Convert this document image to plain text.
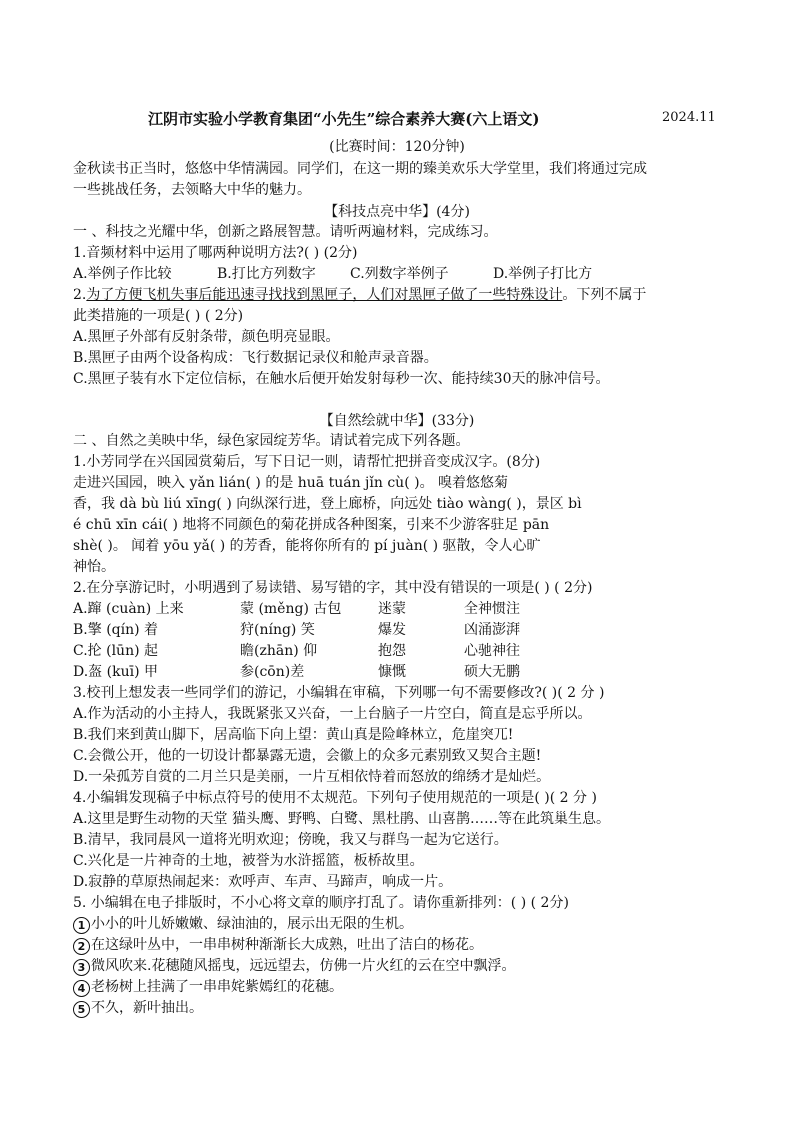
江阴市实验小学教育集团“小先生”综合素养大赛(六上语文)	2024.11
(比赛时间：120分钟)
金秋读书正当时，悠悠中华情满园。同学们，在这一期的臻美欢乐大学堂里，我们将通过完成
一些挑战任务，去领略大中华的魅力。
【科技点亮中华】(4分)
一 、科技之光耀中华，创新之路展智慧。请听两遍材料，完成练习。
1.音频材料中运用了哪两种说明方法?( ) (2分)
A.举例子作比较	B.打比方列数字 C.列数字举例子	D.举例子打比方
2.为了方便飞机失事后能迅速寻找找到黑匣子，人们对黑匣子做了一些特殊设计。下列不属于
此类措施的一项是( ) ( 2分)
A.黑匣子外部有反射条带，颜色明亮显眼。
B.黑匣子由两个设备构成：飞行数据记录仪和舱声录音器。
C.黑匣子装有水下定位信标，在触水后便开始发射每秒一次、能持续30天的脉冲信号。
【自然绘就中华】(33分)
二 、自然之美映中华，绿色家园绽芳华。请试着完成下列各题。
1.小芳同学在兴国园赏菊后，写下日记一则，请帮忙把拼音变成汉字。(8分)
走进兴国园，映入 yǎn lián( ) 的是 huā tuán jǐn cù( )。 嗅着悠悠菊
香，我 dà bù liú xīng( ) 向纵深行进，登上廊桥，向远处 tiào wàng( )，景区 bì
é chū xīn cái( ) 地将不同颜色的菊花拼成各种图案，引来不少游客驻足 pān
shè( )。 闻着 yōu yǎ( ) 的芳香，能将你所有的 pí juàn( ) 驱散，令人心旷
神怡。
2.在分享游记时，小明遇到了易读错、易写错的字，其中没有错误的一项是( ) ( 2分)
A.蹿 (cuàn) 上来	蒙 (měng) 古包	迷蒙	全神惯注
B.擎 (qín) 着	狩(níng) 笑	爆发	凶涌澎湃
C.抡 (lūn) 起	瞻(zhān) 仰	抱怨	心驰神往
D.盔 (kuī) 甲	参(cōn)差	慷慨	硕大无鹏
3.校刊上想发表一些同学们的游记，小编辑在审稿，下列哪一句不需要修改?( )( 2 分 )
A.作为活动的小主持人，我既紧张又兴奋，一上台脑子一片空白，简直是忘乎所以。
B.我们来到黄山脚下，居高临下向上望：黄山真是险峰林立，危崖突兀!
C.会微公开，他的一切设计都暴露无遗，会徽上的众多元素别致又契合主题!
D.一朵孤芳自赏的二月兰只是美丽，一片互相依恃着而怒放的绵绣才是灿烂。
4.小编辑发现稿子中标点符号的使用不太规范。下列句子使用规范的一项是( )( 2 分 )
A.这里是野生动物的天堂 猫头鹰、野鸭、白鹭、黑杜鹃、山喜鹊……等在此筑巢生息。
B.清早，我同晨风一道将光明欢迎；傍晚，我又与群鸟一起为它送行。
C.兴化是一片神奇的土地，被誉为水浒摇篮，板桥故里。
D.寂静的草原热闹起来：欢呼声、车声、马蹄声，响成一片。
5. 小编辑在电子排版时，不小心将文章的顺序打乱了。请你重新排列：( ) ( 2分)
1 小小的叶儿娇嫩嫩、绿油油的，展示出无限的生机。
2 在这绿叶丛中，一串串树种渐渐长大成熟，吐出了洁白的杨花。
3 微风吹来.花穗随风摇曳，远远望去，仿佛一片火红的云在空中飘浮。
4 老杨树上挂满了一串串姹紫嫣红的花穗。
5 不久，新叶抽出。
